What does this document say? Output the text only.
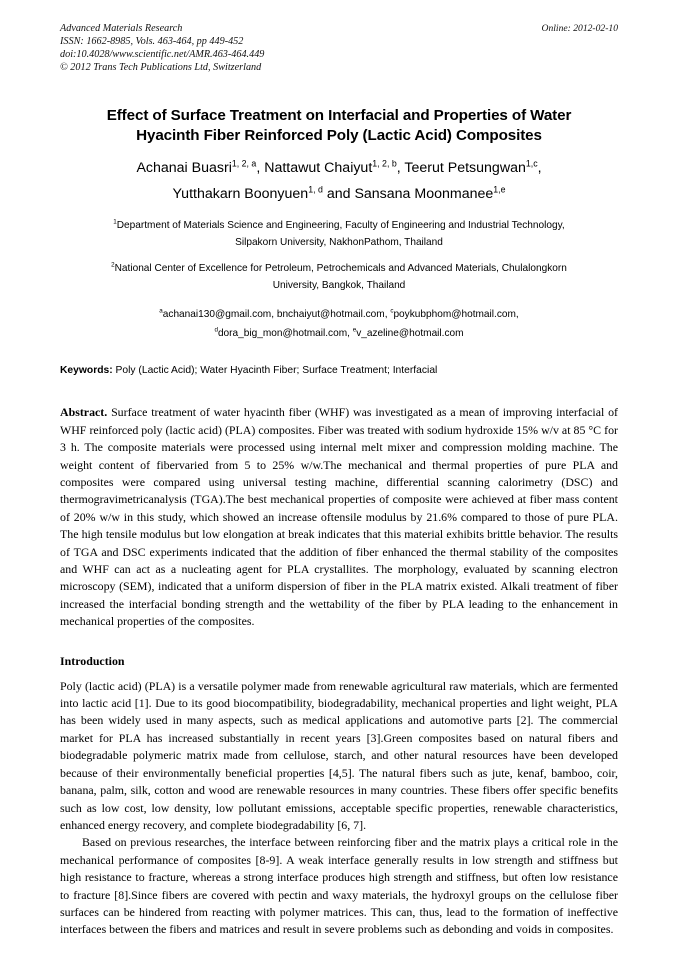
Online: 2012-02-10
Advanced Materials Research
ISSN: 1662-8985, Vols. 463-464, pp 449-452
doi:10.4028/www.scientific.net/AMR.463-464.449
© 2012 Trans Tech Publications Ltd, Switzerland
Effect of Surface Treatment on Interfacial and Properties of Water
Hyacinth Fiber Reinforced Poly (Lactic Acid) Composites
Achanai Buasri$^{1, 2, a}$, Nattawut Chaiyut$^{1, 2, b}$, Teerut Petsungwan$^{1,c}$,
Yutthakarn Boonyuen$^{1, d}$ and Sansana Moonmanee$^{1,e}$
$^1$Department of Materials Science and Engineering, Faculty of Engineering and Industrial Technology, Silpakorn University, NakhonPathom, Thailand
$^2$National Center of Excellence for Petroleum, Petrochemicals and Advanced Materials, Chulalongkorn University, Bangkok, Thailand
$^a$achanai130@gmail.com, bnchaiyut@hotmail.com, $^c$poykubphom@hotmail.com,
$^d$dora_big_mon@hotmail.com, $^e$v_azeline@hotmail.com
Keywords: Poly (Lactic Acid); Water Hyacinth Fiber; Surface Treatment; Interfacial
Abstract. Surface treatment of water hyacinth fiber (WHF) was investigated as a mean of improving interfacial of WHF reinforced poly (lactic acid) (PLA) composites. Fiber was treated with sodium hydroxide 15% w/v at 85 °C for 3 h. The composite materials were processed using internal melt mixer and compression molding machine. The weight content of fibervaried from 5 to 25% w/w.The mechanical and thermal properties of pure PLA and composites were compared using universal testing machine, differential scanning calorimetry (DSC) and thermogravimetricanalysis (TGA).The best mechanical properties of composite were achieved at fiber mass content of 20% w/w in this study, which showed an increase oftensile modulus by 21.6% compared to those of pure PLA. The high tensile modulus but low elongation at break indicates that this material exhibits brittle behavior. The results of TGA and DSC experiments indicated that the addition of fiber enhanced the thermal stability of the composites and WHF can act as a nucleating agent for PLA crystallites. The morphology, evaluated by scanning electron microscopy (SEM), indicated that a uniform dispersion of fiber in the PLA matrix existed. Alkali treatment of fiber increased the interfacial bonding strength and the wettability of the fiber by PLA leading to the enhancement in mechanical properties of the composites.
Introduction
Poly (lactic acid) (PLA) is a versatile polymer made from renewable agricultural raw materials, which are fermented into lactic acid [1]. Due to its good biocompatibility, biodegradability, mechanical properties and light weight, PLA has been widely used in many aspects, such as medical applications and automotive parts [2]. The commercial market for PLA has increased substantially in recent years [3].Green composites based on natural fibers and biodegradable polymeric matrix made from cellulose, starch, and other natural resources have been developed because of their environmentally beneficial properties [4,5]. The natural fibers such as jute, kenaf, bamboo, coir, banana, palm, silk, cotton and wood are renewable resources in many countries. These fibers offer specific benefits such as low cost, low density, low pollutant emissions, acceptable specific properties, renewable characteristics, enhanced energy recovery, and complete biodegradability [6, 7].
Based on previous researches, the interface between reinforcing fiber and the matrix plays a critical role in the mechanical performance of composites [8-9]. A weak interface generally results in low strength and stiffness but high resistance to fracture, whereas a strong interface produces high strength and stiffness, but often low resistance to fracture [8].Since fibers are covered with pectin and waxy materials, the hydroxyl groups on the cellulose fiber surfaces can be hindered from reacting with polymer matrices. This can, thus, lead to the formation of ineffective interfaces between the fibers and matrices and result in severe problems such as debonding and voids in composites.
